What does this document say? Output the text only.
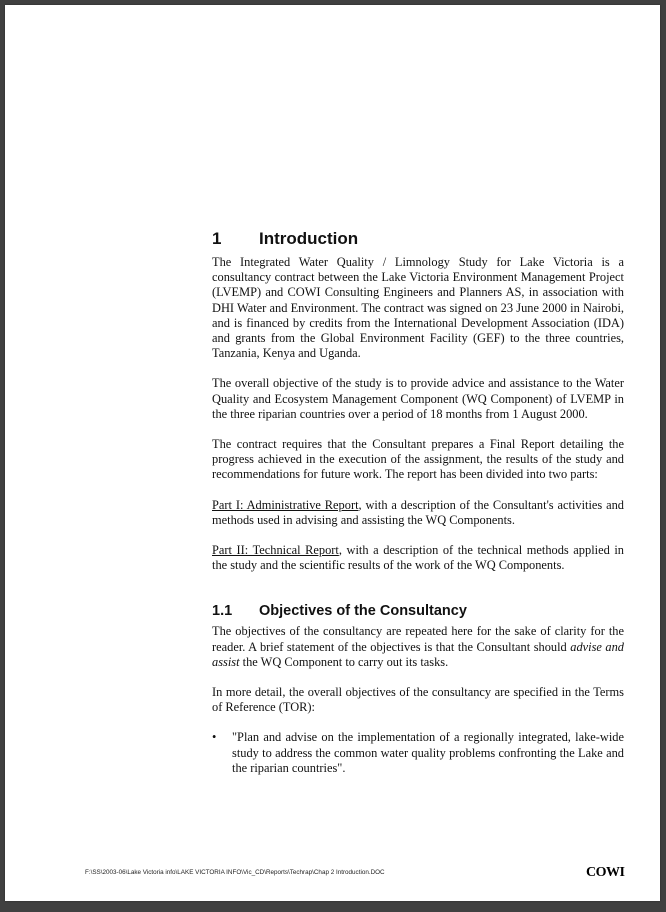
1	Introduction

The Integrated Water Quality / Limnology Study for Lake Victoria is a consultancy contract between the Lake Victoria Environment Management Project (LVEMP) and COWI Consulting Engineers and Planners AS, in association with DHI Water and Environment. The contract was signed on 23 June 2000 in Nairobi, and is financed by credits from the International Development Association (IDA) and grants from the Global Environment Facility (GEF) to the three countries, Tanzania, Kenya and Uganda.

The overall objective of the study is to provide advice and assistance to the Water Quality and Ecosystem Management Component (WQ Component) of LVEMP in the three riparian countries over a period of 18 months from 1 August 2000.

The contract requires that the Consultant prepares a Final Report detailing the progress achieved in the execution of the assignment, the results of the study and recommendations for future work. The report has been divided into two parts:

Part I: Administrative Report, with a description of the Consultant's activities and methods used in advising and assisting the WQ Components.

Part II: Technical Report, with a description of the technical methods applied in the study and the scientific results of the work of the WQ Components.

1.1	Objectives of the Consultancy

The objectives of the consultancy are repeated here for the sake of clarity for the reader. A brief statement of the objectives is that the Consultant should advise and assist the WQ Component to carry out its tasks.

In more detail, the overall objectives of the consultancy are specified in the Terms of Reference (TOR):

• "Plan and advise on the implementation of a regionally integrated, lake-wide study to address the common water quality problems confronting the Lake and the riparian countries".
F:\SS\2003-06\Lake Victoria info\LAKE VICTORIA INFO\Vic_CD\Reports\Techrap\Chap 2 Introduction.DOC	COWI
